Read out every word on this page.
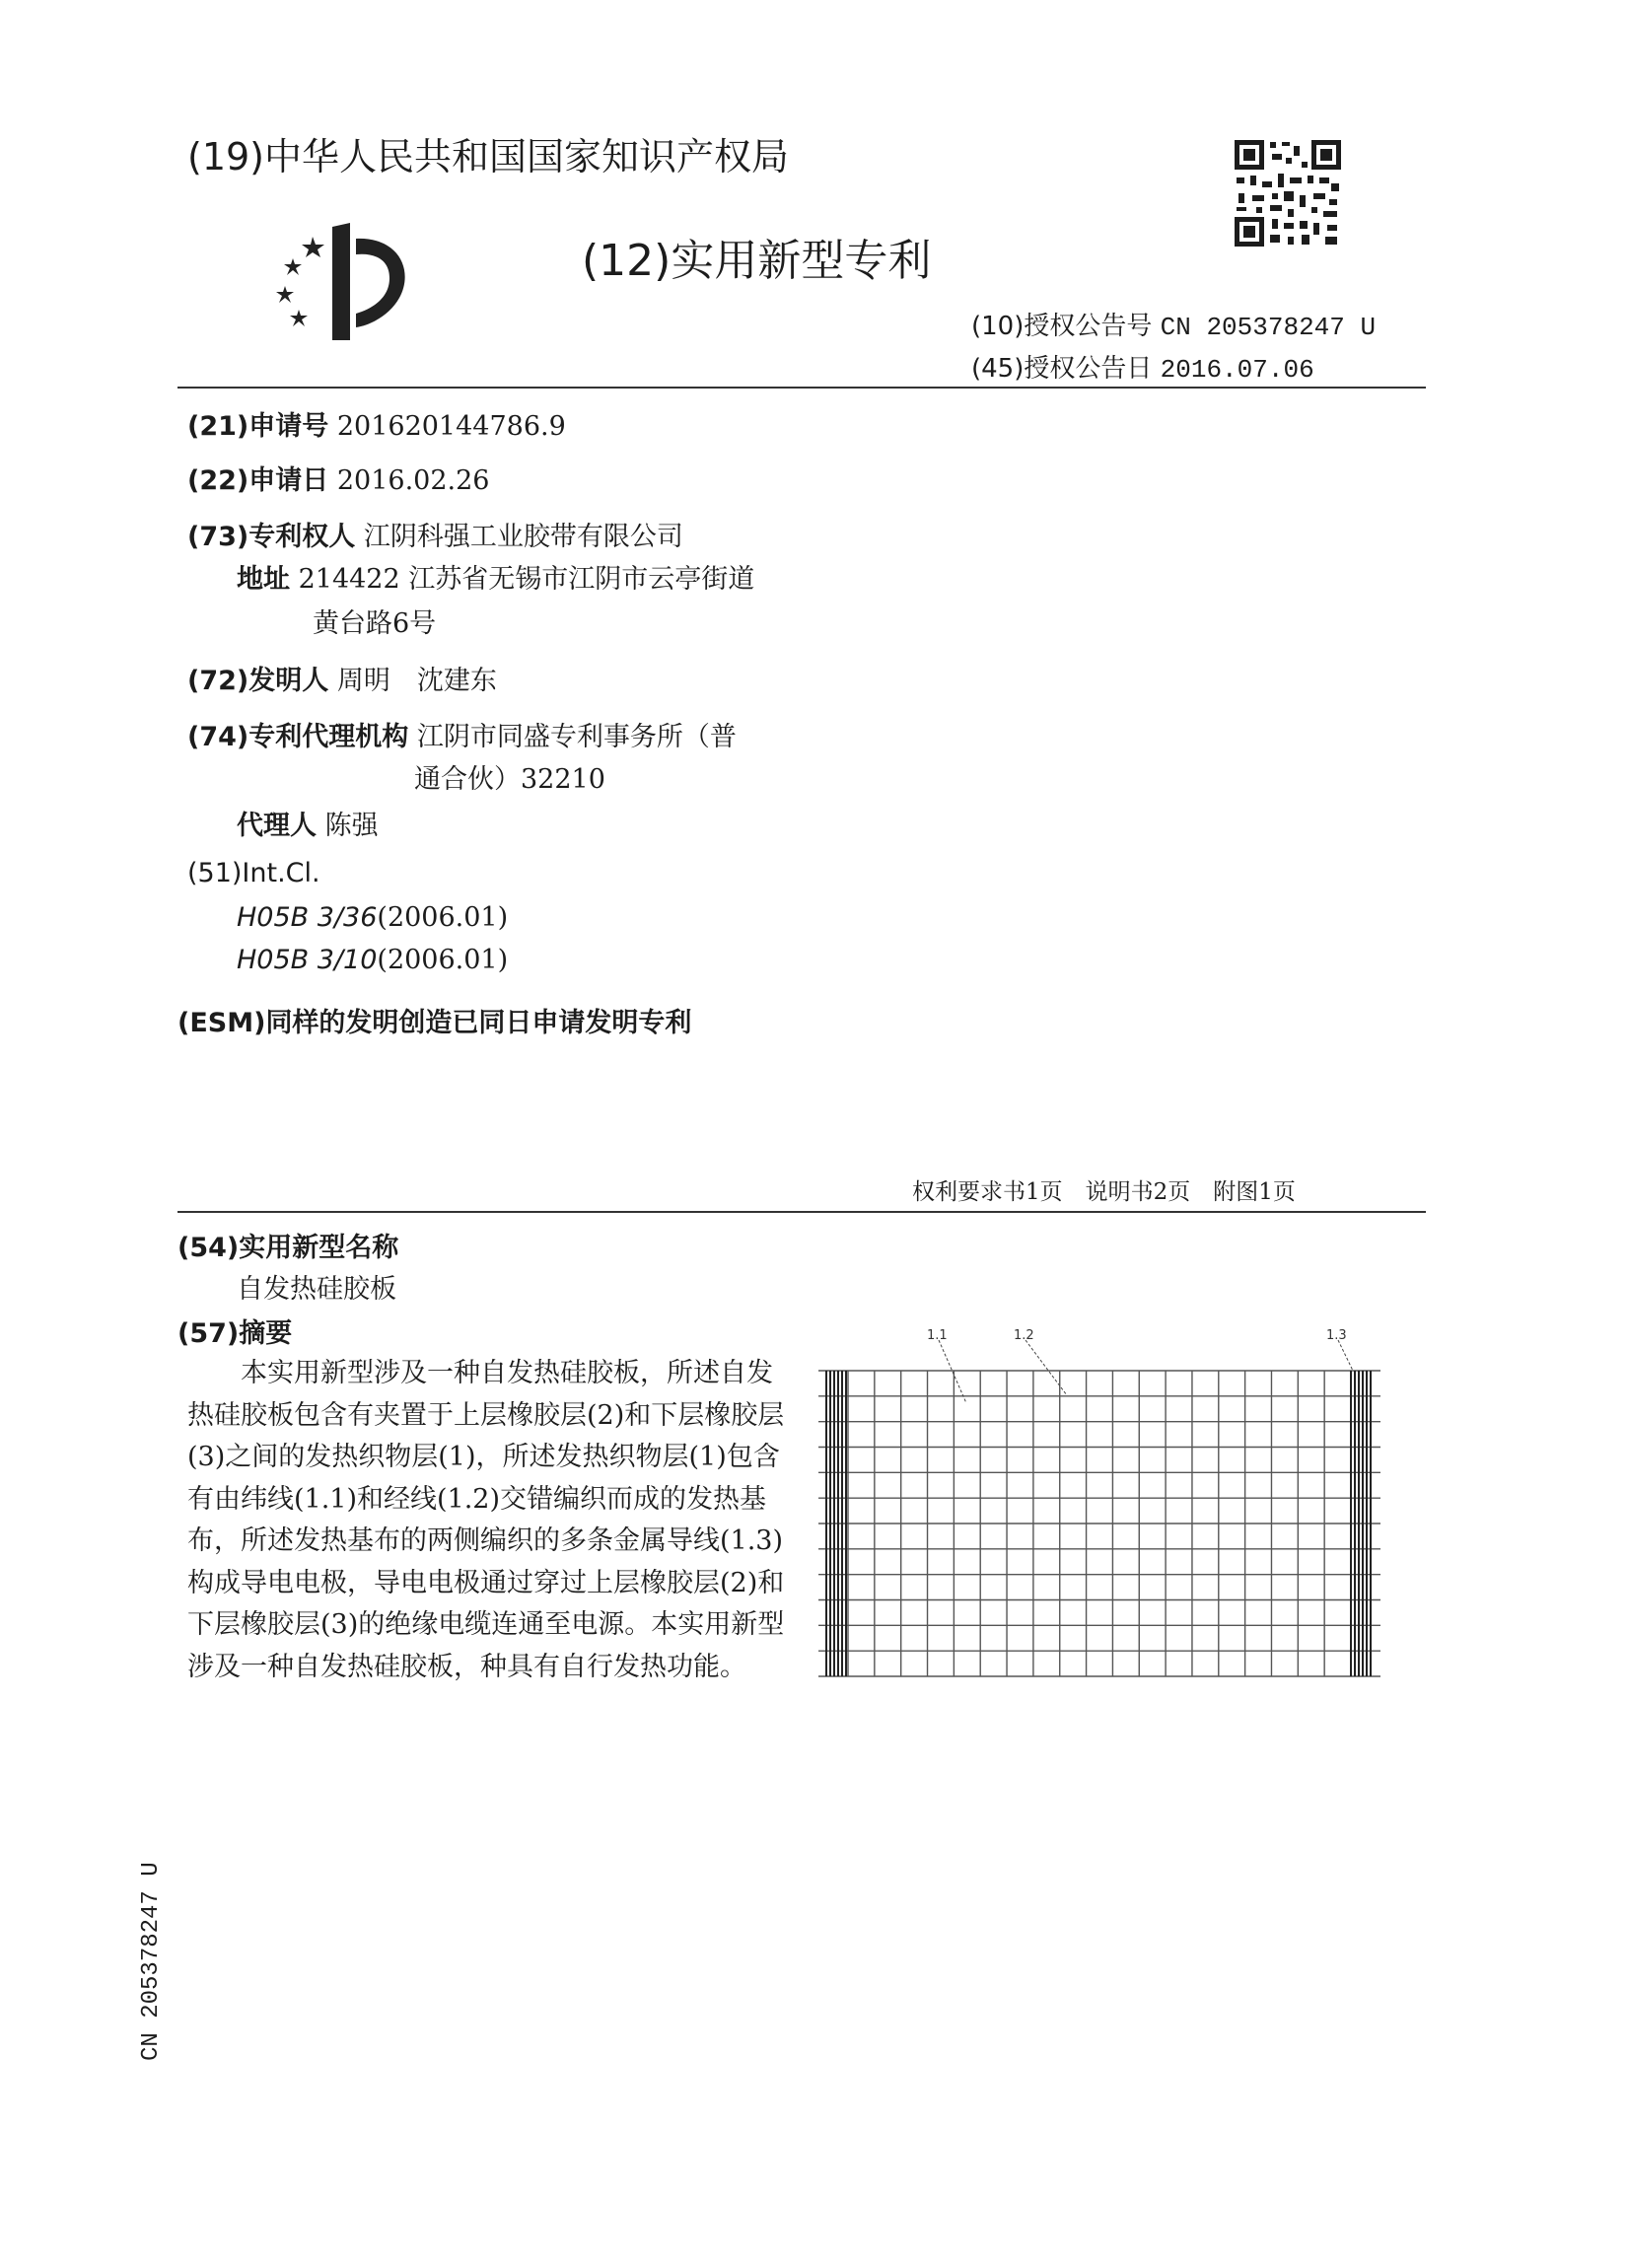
(19)中华人民共和国国家知识产权局
(12)实用新型专利
(10)授权公告号 CN 205378247 U
(45)授权公告日 2016.07.06
(21)申请号 201620144786.9
(22)申请日 2016.02.26
(73)专利权人 江阴科强工业胶带有限公司
地址 214422 江苏省无锡市江阴市云亭街道
黄台路6号
(72)发明人 周明　沈建东
(74)专利代理机构 江阴市同盛专利事务所（普
通合伙）32210
代理人 陈强
(51)Int.Cl.
H05B 3/36(2006.01)
H05B 3/10(2006.01)
(ESM)同样的发明创造已同日申请发明专利
权利要求书1页　说明书2页　附图1页
(54)实用新型名称
自发热硅胶板
(57)摘要

本实用新型涉及一种自发热硅胶板，所述自发热硅胶板包含有夹置于上层橡胶层(2)和下层橡胶层(3)之间的发热织物层(1)，所述发热织物层(1)包含有由纬线(1.1)和经线(1.2)交错编织而成的发热基布，所述发热基布的两侧编织的多条金属导线(1.3)构成导电电极，导电电极通过穿过上层橡胶层(2)和下层橡胶层(3)的绝缘电缆连通至电源。本实用新型涉及一种自发热硅胶板，种具有自行发热功能。

1.1	1.2	1.3
CN 205378247 U
